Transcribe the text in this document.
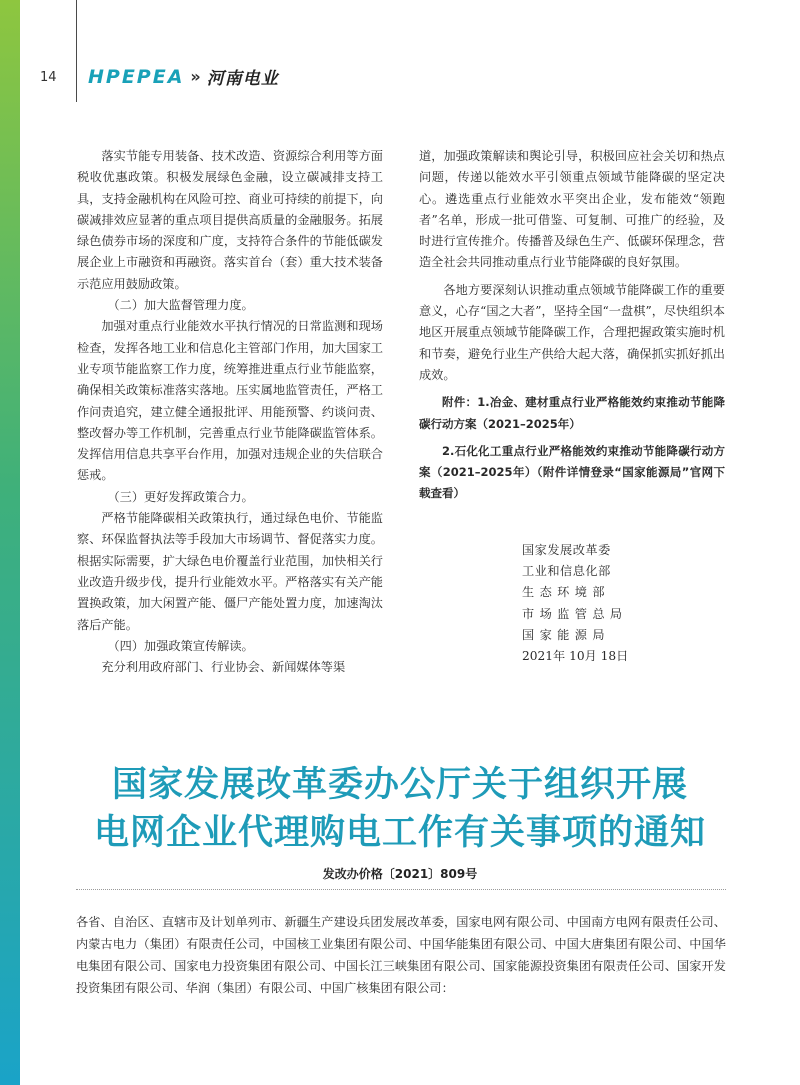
14 HPEPEA » 河南电业

落实节能专用装备、技术改造、资源综合利用等方面税收优惠政策。积极发展绿色金融，设立碳减排支持工具，支持金融机构在风险可控、商业可持续的前提下，向碳减排效应显著的重点项目提供高质量的金融服务。拓展绿色债券市场的深度和广度，支持符合条件的节能低碳发展企业上市融资和再融资。落实首台（套）重大技术装备示范应用鼓励政策。

（二）加大监督管理力度。

加强对重点行业能效水平执行情况的日常监测和现场检查，发挥各地工业和信息化主管部门作用，加大国家工业专项节能监察工作力度，统筹推进重点行业节能监察，确保相关政策标准落实落地。压实属地监管责任，严格工作问责追究，建立健全通报批评、用能预警、约谈问责、整改督办等工作机制，完善重点行业节能降碳监管体系。发挥信用信息共享平台作用，加强对违规企业的失信联合惩戒。

（三）更好发挥政策合力。

严格节能降碳相关政策执行，通过绿色电价、节能监察、环保监督执法等手段加大市场调节、督促落实力度。根据实际需要，扩大绿色电价覆盖行业范围，加快相关行业改造升级步伐，提升行业能效水平。严格落实有关产能置换政策，加大闲置产能、僵尸产能处置力度，加速淘汰落后产能。

（四）加强政策宣传解读。

充分利用政府部门、行业协会、新闻媒体等渠

道，加强政策解读和舆论引导，积极回应社会关切和热点问题，传递以能效水平引领重点领域节能降碳的坚定决心。遴选重点行业能效水平突出企业，发布能效“领跑者”名单，形成一批可借鉴、可复制、可推广的经验，及时进行宣传推介。传播普及绿色生产、低碳环保理念，营造全社会共同推动重点行业节能降碳的良好氛围。

各地方要深刻认识推动重点领域节能降碳工作的重要意义，心存“国之大者”，坚持全国“一盘棋”，尽快组织本地区开展重点领域节能降碳工作，合理把握政策实施时机和节奏，避免行业生产供给大起大落，确保抓实抓好抓出成效。

附件：1.冶金、建材重点行业严格能效约束推动节能降碳行动方案（2021–2025年）

2.石化化工重点行业严格能效约束推动节能降碳行动方案（2021–2025年）（附件详情登录“国家能源局”官网下载查看）

国家发展改革委
工业和信息化部
生态环境部
市场监管总局
国家能源局
2021年 10月 18日
国家发展改革委办公厅关于组织开展
电网企业代理购电工作有关事项的通知
发改办价格〔2021〕809号
各省、自治区、直辖市及计划单列市、新疆生产建设兵团发展改革委，国家电网有限公司、中国南方电网有限责任公司、内蒙古电力（集团）有限责任公司，中国核工业集团有限公司、中国华能集团有限公司、中国大唐集团有限公司、中国华电集团有限公司、国家电力投资集团有限公司、中国长江三峡集团有限公司、国家能源投资集团有限责任公司、国家开发投资集团有限公司、华润（集团）有限公司、中国广核集团有限公司：
